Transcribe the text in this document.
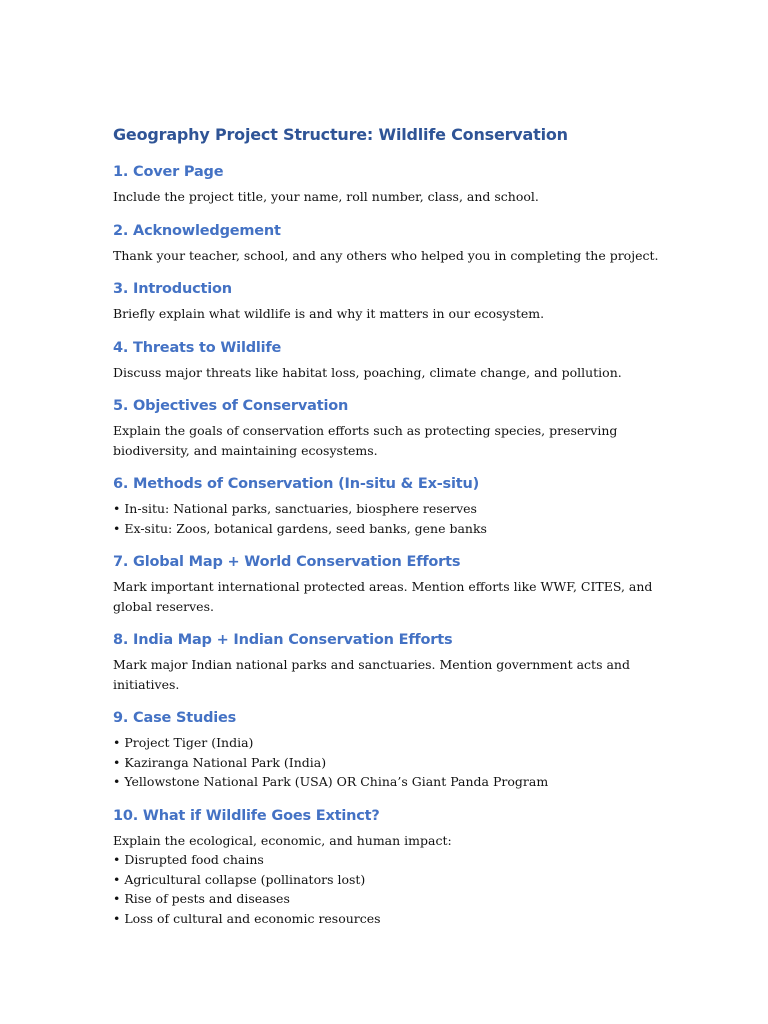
Geography Project Structure: Wildlife Conservation
1. Cover Page

Include the project title, your name, roll number, class, and school.

2. Acknowledgement

Thank your teacher, school, and any others who helped you in completing the project.

3. Introduction

Briefly explain what wildlife is and why it matters in our ecosystem.

4. Threats to Wildlife

Discuss major threats like habitat loss, poaching, climate change, and pollution.

5. Objectives of Conservation

Explain the goals of conservation efforts such as protecting species, preserving biodiversity, and maintaining ecosystems.

6. Methods of Conservation (In-situ & Ex-situ)
• In-situ: National parks, sanctuaries, biosphere reserves
• Ex-situ: Zoos, botanical gardens, seed banks, gene banks
7. Global Map + World Conservation Efforts

Mark important international protected areas. Mention efforts like WWF, CITES, and global reserves.

8. India Map + Indian Conservation Efforts

Mark major Indian national parks and sanctuaries. Mention government acts and initiatives.

9. Case Studies
• Project Tiger (India)
• Kaziranga National Park (India)
• Yellowstone National Park (USA) OR China’s Giant Panda Program
10. What if Wildlife Goes Extinct?

Explain the ecological, economic, and human impact:

• Disrupted food chains
• Agricultural collapse (pollinators lost)
• Rise of pests and diseases
• Loss of cultural and economic resources
